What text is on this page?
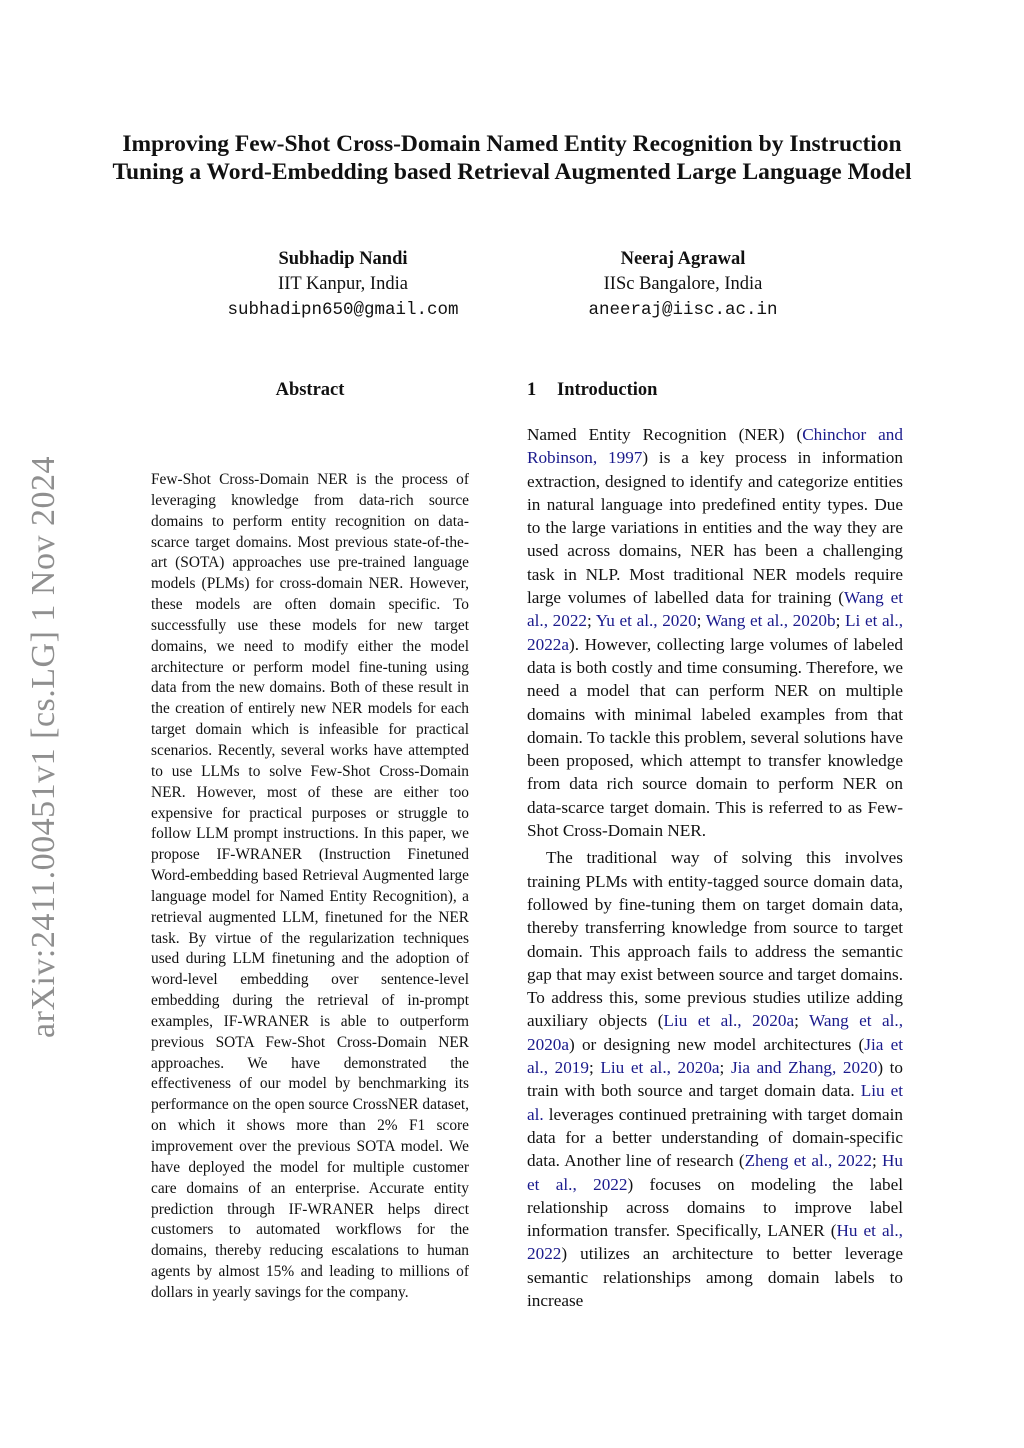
arXiv:2411.00451v1 [cs.LG] 1 Nov 2024
Improving Few-Shot Cross-Domain Named Entity Recognition by Instruction Tuning a Word-Embedding based Retrieval Augmented Large Language Model
Subhadip Nandi
IIT Kanpur, India
subhadipn650@gmail.com
Neeraj Agrawal
IISc Bangalore, India
aneeraj@iisc.ac.in
Abstract

Few-Shot Cross-Domain NER is the process of leveraging knowledge from data-rich source domains to perform entity recognition on data-scarce target domains. Most previous state-of-the-art (SOTA) approaches use pre-trained language models (PLMs) for cross-domain NER. However, these models are often domain specific. To successfully use these models for new target domains, we need to modify either the model architecture or perform model fine-tuning using data from the new domains. Both of these result in the creation of entirely new NER models for each target domain which is infeasible for practical scenarios. Recently, several works have attempted to use LLMs to solve Few-Shot Cross-Domain NER. However, most of these are either too expensive for practical purposes or struggle to follow LLM prompt instructions. In this paper, we propose IF-WRANER (Instruction Finetuned Word-embedding based Retrieval Augmented large language model for Named Entity Recognition), a retrieval augmented LLM, finetuned for the NER task. By virtue of the regularization techniques used during LLM finetuning and the adoption of word-level embedding over sentence-level embedding during the retrieval of in-prompt examples, IF-WRANER is able to outperform previous SOTA Few-Shot Cross-Domain NER approaches. We have demonstrated the effectiveness of our model by benchmarking its performance on the open source CrossNER dataset, on which it shows more than 2% F1 score improvement over the previous SOTA model. We have deployed the model for multiple customer care domains of an enterprise. Accurate entity prediction through IF-WRANER helps direct customers to automated workflows for the domains, thereby reducing escalations to human agents by almost 15% and leading to millions of dollars in yearly savings for the company.

1 Introduction

Named Entity Recognition (NER) (Chinchor and Robinson, 1997) is a key process in information extraction, designed to identify and categorize entities in natural language into predefined entity types. Due to the large variations in entities and the way they are used across domains, NER has been a challenging task in NLP. Most traditional NER models require large volumes of labelled data for training (Wang et al., 2022; Yu et al., 2020; Wang et al., 2020b; Li et al., 2022a). However, collecting large volumes of labeled data is both costly and time consuming. Therefore, we need a model that can perform NER on multiple domains with minimal labeled examples from that domain. To tackle this problem, several solutions have been proposed, which attempt to transfer knowledge from data rich source domain to perform NER on data-scarce target domain. This is referred to as Few-Shot Cross-Domain NER.

The traditional way of solving this involves training PLMs with entity-tagged source domain data, followed by fine-tuning them on target domain data, thereby transferring knowledge from source to target domain. This approach fails to address the semantic gap that may exist between source and target domains. To address this, some previous studies utilize adding auxiliary objects (Liu et al., 2020a; Wang et al., 2020a) or designing new model architectures (Jia et al., 2019; Liu et al., 2020a; Jia and Zhang, 2020) to train with both source and target domain data. Liu et al. leverages continued pretraining with target domain data for a better understanding of domain-specific data. Another line of research (Zheng et al., 2022; Hu et al., 2022) focuses on modeling the label relationship across domains to improve label information transfer. Specifically, LANER (Hu et al., 2022) utilizes an architecture to better leverage semantic relationships among domain labels to increase
